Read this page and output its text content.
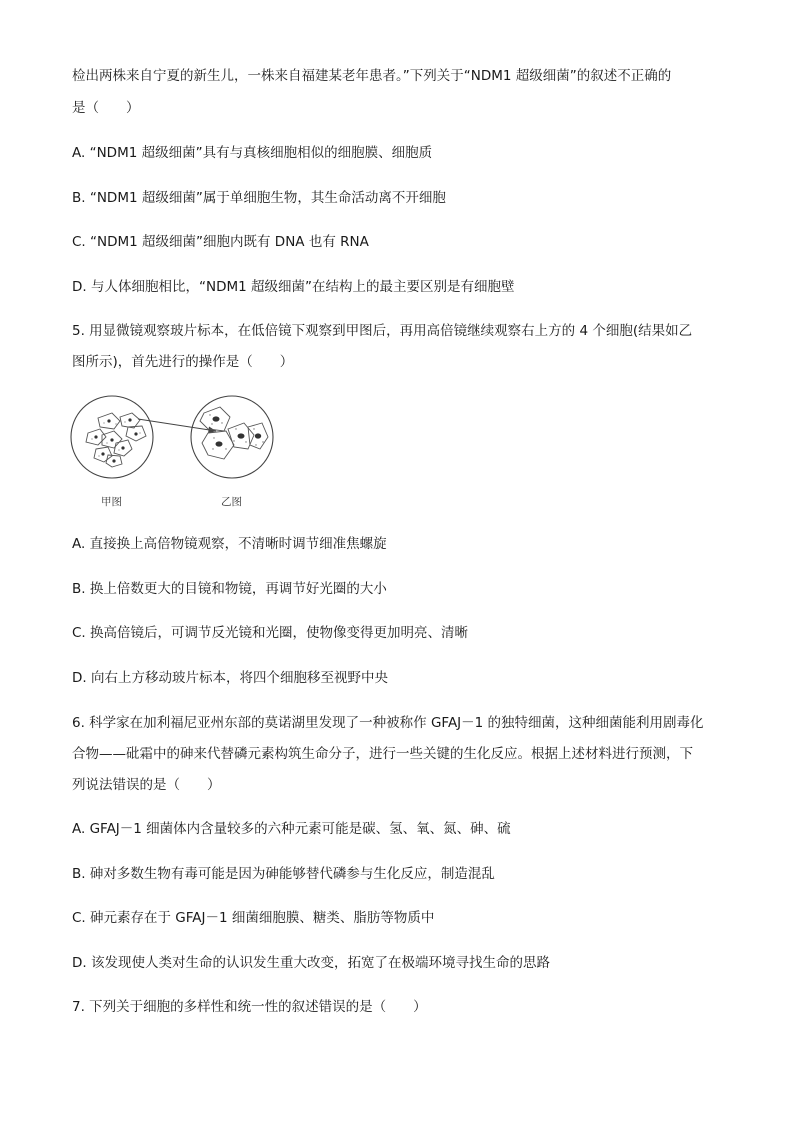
检出两株来自宁夏的新生儿，一株来自福建某老年患者。”下列关于“NDM1 超级细菌”的叙述不正确的
是（　　）
A. “NDM1 超级细菌”具有与真核细胞相似的细胞膜、细胞质
B. “NDM1 超级细菌”属于单细胞生物，其生命活动离不开细胞
C. “NDM1 超级细菌”细胞内既有 DNA 也有 RNA
D. 与人体细胞相比，“NDM1 超级细菌”在结构上的最主要区别是有细胞壁
5. 用显微镜观察玻片标本，在低倍镜下观察到甲图后，再用高倍镜继续观察右上方的 4 个细胞(结果如乙
图所示)，首先进行的操作是（　　）
甲图	乙图
A. 直接换上高倍物镜观察，不清晰时调节细准焦螺旋
B. 换上倍数更大的目镜和物镜，再调节好光圈的大小
C. 换高倍镜后，可调节反光镜和光圈，使物像变得更加明亮、清晰
D. 向右上方移动玻片标本，将四个细胞移至视野中央
6. 科学家在加利福尼亚州东部的莫诺湖里发现了一种被称作 GFAJ－1 的独特细菌，这种细菌能利用剧毒化
合物——砒霜中的砷来代替磷元素构筑生命分子，进行一些关键的生化反应。根据上述材料进行预测，下
列说法错误的是（　　）
A. GFAJ－1 细菌体内含量较多的六种元素可能是碳、氢、氧、氮、砷、硫
B. 砷对多数生物有毒可能是因为砷能够替代磷参与生化反应，制造混乱
C. 砷元素存在于 GFAJ－1 细菌细胞膜、糖类、脂肪等物质中
D. 该发现使人类对生命的认识发生重大改变，拓宽了在极端环境寻找生命的思路
7. 下列关于细胞的多样性和统一性的叙述错误的是（　　）
